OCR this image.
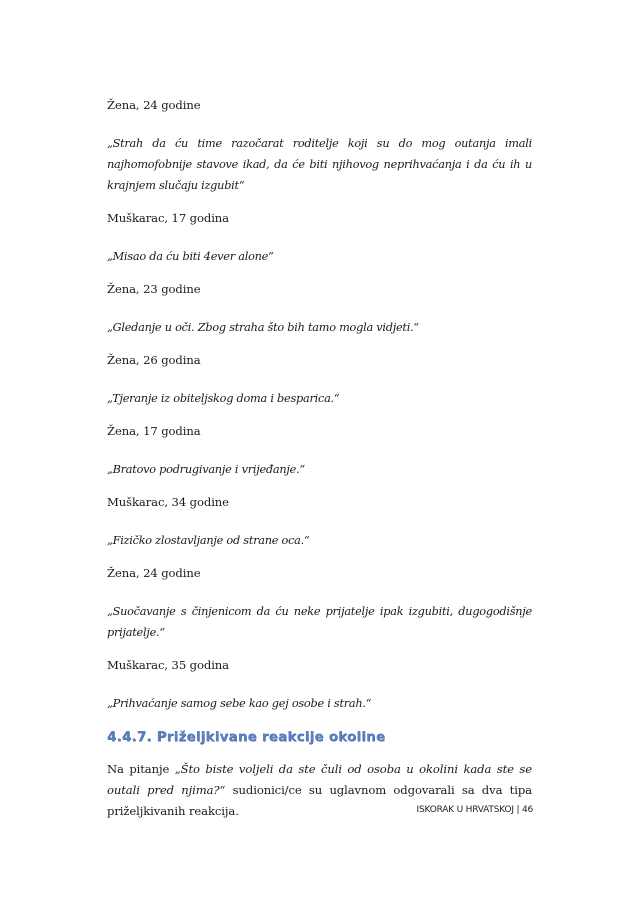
Žena, 24 godine

„Strah da ću time razočarat roditelje koji su do mog outanja imali najhomofobnije stavove ikad, da će biti njihovog neprihvaćanja i da ću ih u krajnjem slučaju izgubit“

Muškarac, 17 godina

„Misao da ću biti 4ever alone“

Žena, 23 godine

„Gledanje u oči. Zbog straha što bih tamo mogla vidjeti.“

Žena, 26 godina

„Tjeranje iz obiteljskog doma i besparica.“

Žena, 17 godina

„Bratovo podrugivanje i vrijeđanje.“

Muškarac, 34 godine

„Fizičko zlostavljanje od strane oca.“

Žena, 24 godine

„Suočavanje s činjenicom da ću neke prijatelje ipak izgubiti, dugogodišnje prijatelje.“

Muškarac, 35 godina

„Prihvaćanje samog sebe kao gej osobe i strah.“

4.4.7. Priželjkivane reakcije okoline

Na pitanje „Što biste voljeli da ste čuli od osoba u okolini kada ste se outali pred njima?“ sudionici/ce su uglavnom odgovarali sa dva tipa priželjkivanih reakcija.	ISKORAK U HRVATSKOJ | 46
